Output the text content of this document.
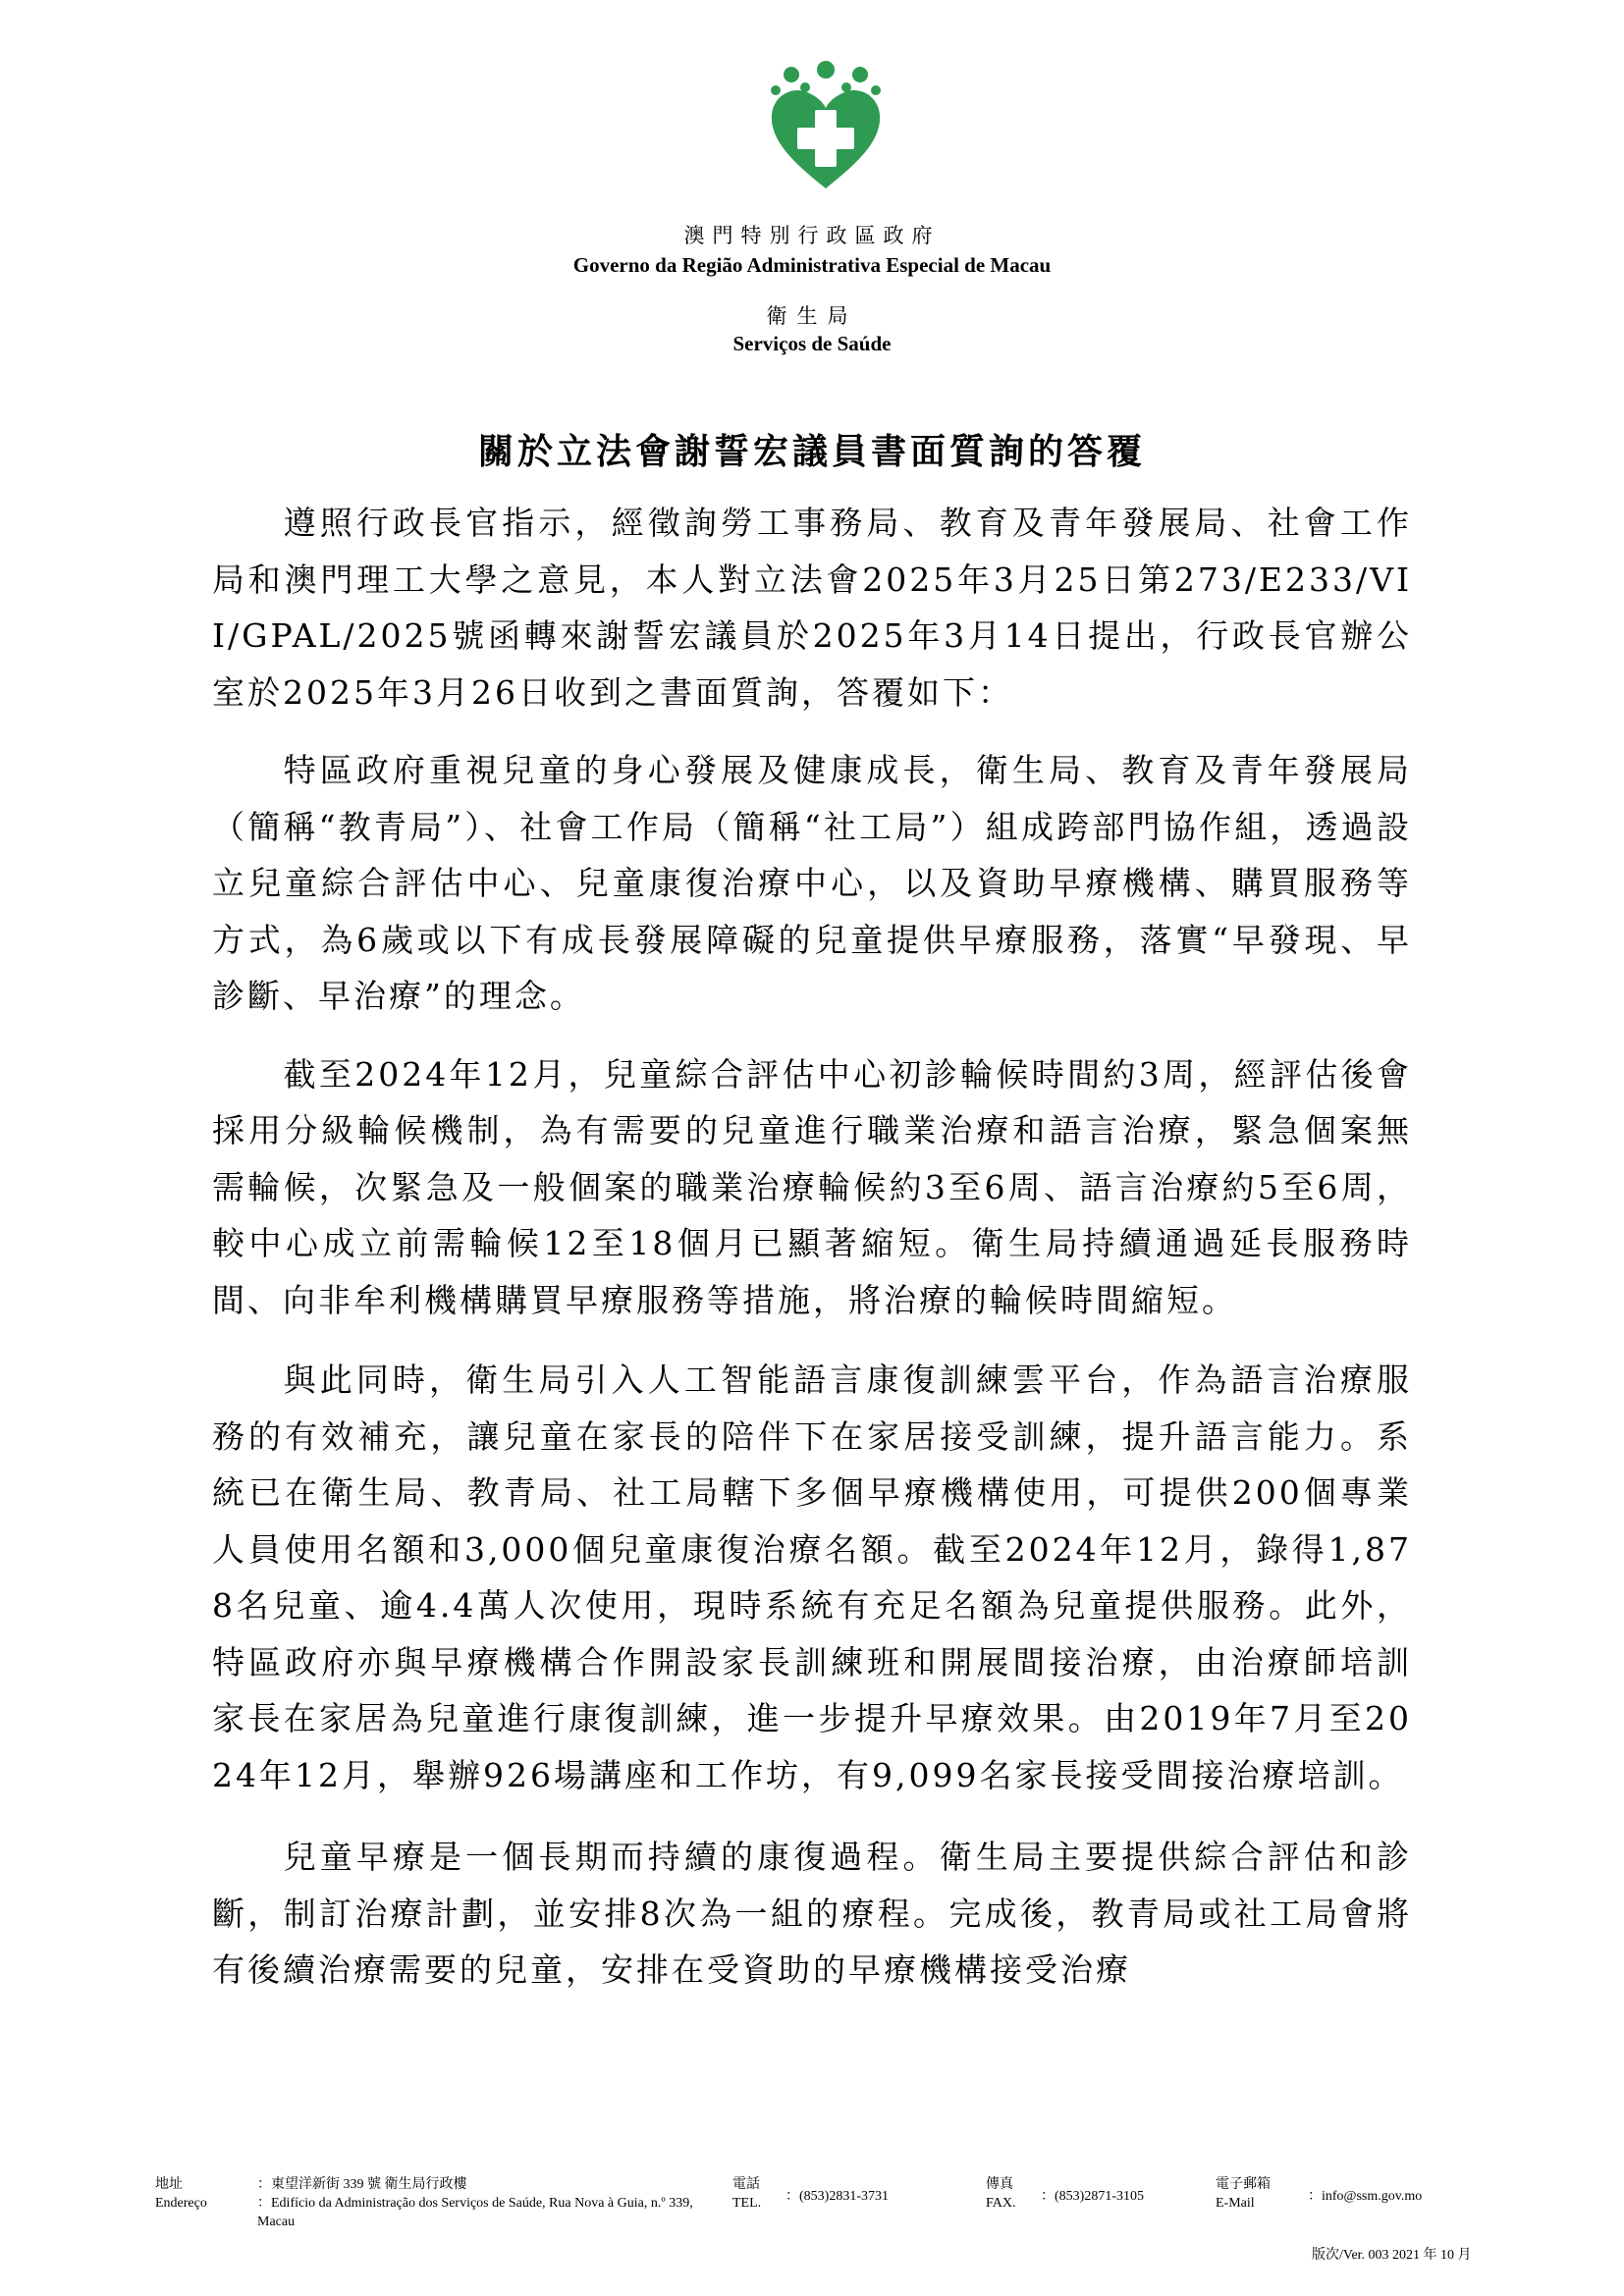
澳門特別行政區政府
Governo da Região Administrativa Especial de Macau
衛生局
Serviços de Saúde
關於立法會謝誓宏議員書面質詢的答覆

遵照行政長官指示，經徵詢勞工事務局、教育及青年發展局、社會工作局和澳門理工大學之意見，本人對立法會2025年3月25日第273/E233/VII/GPAL/2025號函轉來謝誓宏議員於2025年3月14日提出，行政長官辦公室於2025年3月26日收到之書面質詢，答覆如下：

特區政府重視兒童的身心發展及健康成長，衛生局、教育及青年發展局（簡稱“教青局”）、社會工作局（簡稱“社工局”）組成跨部門協作組，透過設立兒童綜合評估中心、兒童康復治療中心，以及資助早療機構、購買服務等方式，為6歲或以下有成長發展障礙的兒童提供早療服務，落實“早發現、早診斷、早治療”的理念。

截至2024年12月，兒童綜合評估中心初診輪候時間約3周，經評估後會採用分級輪候機制，為有需要的兒童進行職業治療和語言治療，緊急個案無需輪候，次緊急及一般個案的職業治療輪候約3至6周、語言治療約5至6周，較中心成立前需輪候12至18個月已顯著縮短。衛生局持續通過延長服務時間、向非牟利機構購買早療服務等措施，將治療的輪候時間縮短。

與此同時，衛生局引入人工智能語言康復訓練雲平台，作為語言治療服務的有效補充，讓兒童在家長的陪伴下在家居接受訓練，提升語言能力。系統已在衛生局、教青局、社工局轄下多個早療機構使用，可提供200個專業人員使用名額和3,000個兒童康復治療名額。截至2024年12月，錄得1,878名兒童、逾4.4萬人次使用，現時系統有充足名額為兒童提供服務。此外，特區政府亦與早療機構合作開設家長訓練班和開展間接治療，由治療師培訓家長在家居為兒童進行康復訓練，進一步提升早療效果。由2019年7月至2024年12月，舉辦926場講座和工作坊，有9,099名家長接受間接治療培訓。

兒童早療是一個長期而持續的康復過程。衛生局主要提供綜合評估和診斷，制訂治療計劃，並安排8次為一組的療程。完成後，教青局或社工局會將有後續治療需要的兒童，安排在受資助的早療機構接受治療

地址
Endereço
：東望洋新街 339 號 衛生局行政樓
：Edifício da Administração dos Serviços de Saúde, Rua Nova à Guia, n.º 339, Macau
電話
TEL. ：(853)2831-3731
傳真
FAX. ：(853)2871-3105
電子郵箱
E-Mail	：info@ssm.gov.mo
版次/Ver. 003 2021 年 10 月
